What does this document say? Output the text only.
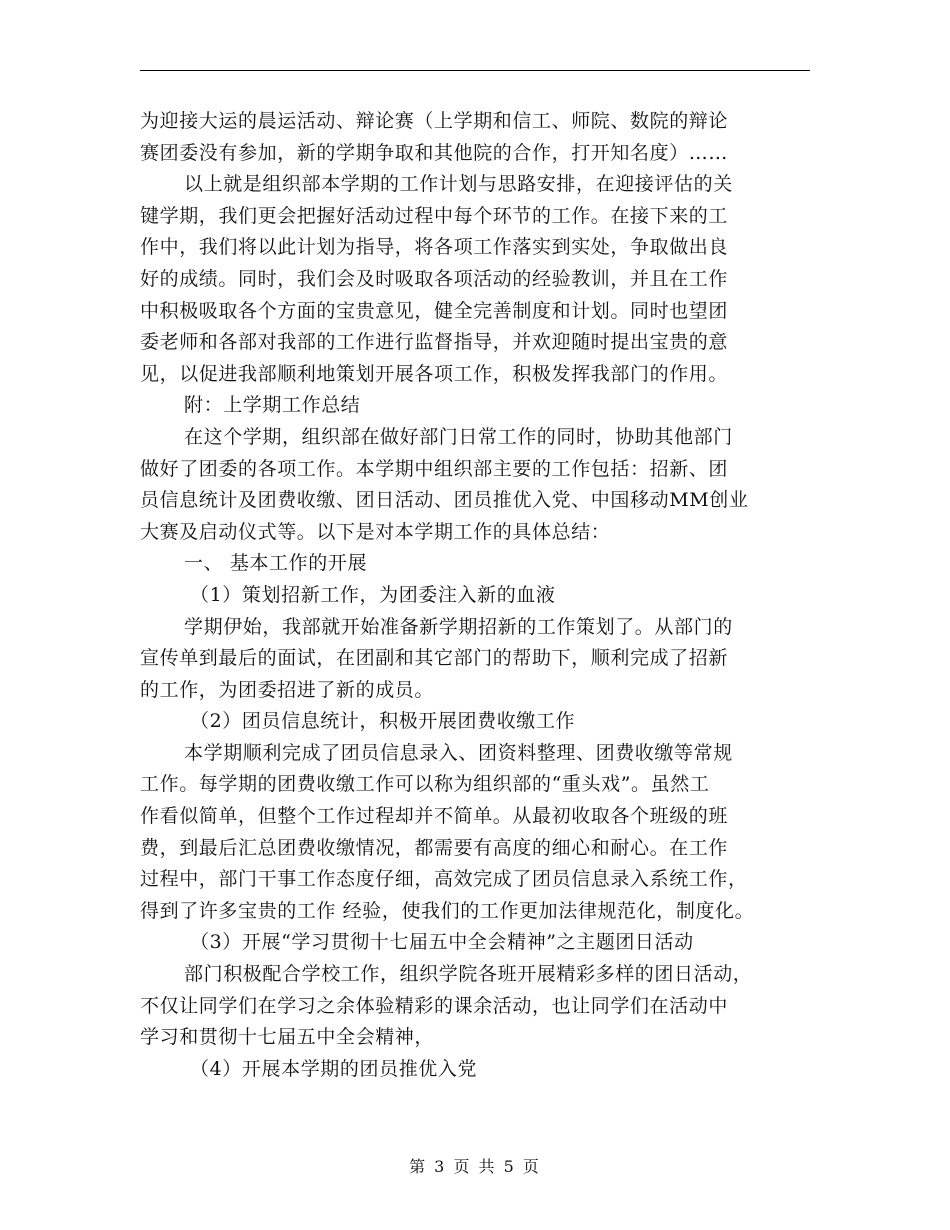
为迎接大运的晨运活动、辩论赛（上学期和信工、师院、数院的辩论
赛团委没有参加，新的学期争取和其他院的合作，打开知名度）……
以上就是组织部本学期的工作计划与思路安排，在迎接评估的关
键学期，我们更会把握好活动过程中每个环节的工作。在接下来的工
作中，我们将以此计划为指导，将各项工作落实到实处，争取做出良
好的成绩。同时，我们会及时吸取各项活动的经验教训，并且在工作
中积极吸取各个方面的宝贵意见，健全完善制度和计划。同时也望团
委老师和各部对我部的工作进行监督指导，并欢迎随时提出宝贵的意
见，以促进我部顺利地策划开展各项工作，积极发挥我部门的作用。
附：上学期工作总结
在这个学期，组织部在做好部门日常工作的同时，协助其他部门
做好了团委的各项工作。本学期中组织部主要的工作包括：招新、团
员信息统计及团费收缴、团日活动、团员推优入党、中国移动MM创业
大赛及启动仪式等。以下是对本学期工作的具体总结：
一、 基本工作的开展
（1）策划招新工作，为团委注入新的血液
学期伊始，我部就开始准备新学期招新的工作策划了。从部门的
宣传单到最后的面试，在团副和其它部门的帮助下，顺利完成了招新
的工作，为团委招进了新的成员。
（2）团员信息统计，积极开展团费收缴工作
本学期顺利完成了团员信息录入、团资料整理、团费收缴等常规
工作。每学期的团费收缴工作可以称为组织部的“重头戏”。虽然工
作看似简单，但整个工作过程却并不简单。从最初收取各个班级的班
费，到最后汇总团费收缴情况，都需要有高度的细心和耐心。在工作
过程中，部门干事工作态度仔细，高效完成了团员信息录入系统工作，
得到了许多宝贵的工作 经验，使我们的工作更加法律规范化，制度化。
（3）开展“学习贯彻十七届五中全会精神”之主题团日活动
部门积极配合学校工作，组织学院各班开展精彩多样的团日活动，
不仅让同学们在学习之余体验精彩的课余活动，也让同学们在活动中
学习和贯彻十七届五中全会精神，
（4）开展本学期的团员推优入党
第 3 页 共 5 页
